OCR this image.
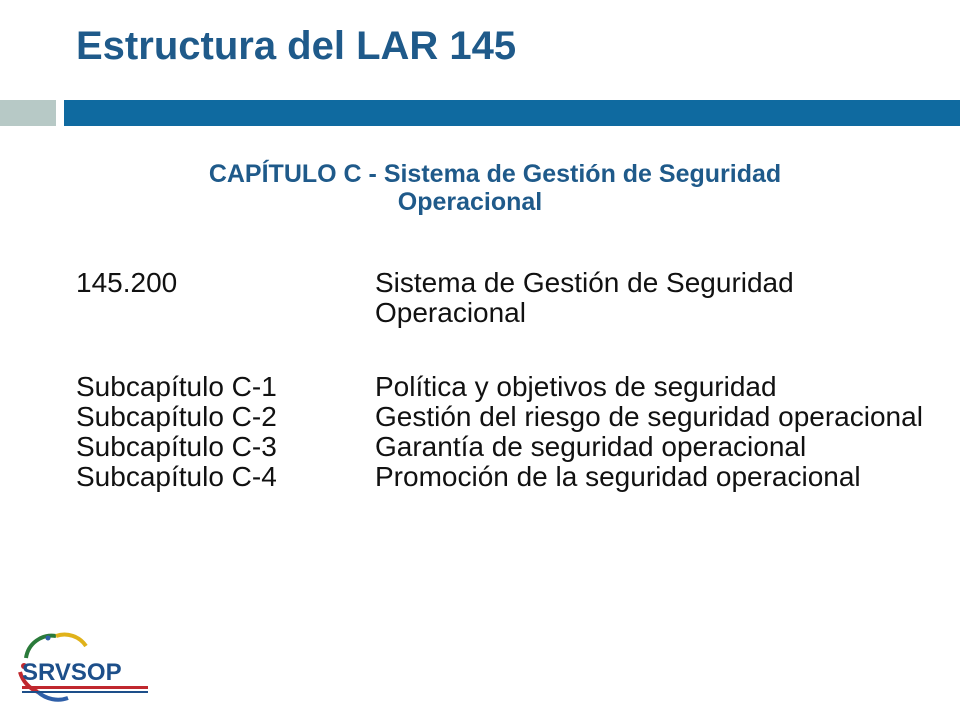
Estructura del LAR 145
CAPÍTULO C - Sistema de Gestión de Seguridad
Operacional
145.200	Sistema de Gestión de Seguridad Operacional
Subcapítulo C-1	Política y objetivos de seguridad
Subcapítulo C-2	Gestión del riesgo de seguridad operacional
Subcapítulo C-3	Garantía de seguridad operacional
Subcapítulo C-4	Promoción de la seguridad operacional
SRVSOP
